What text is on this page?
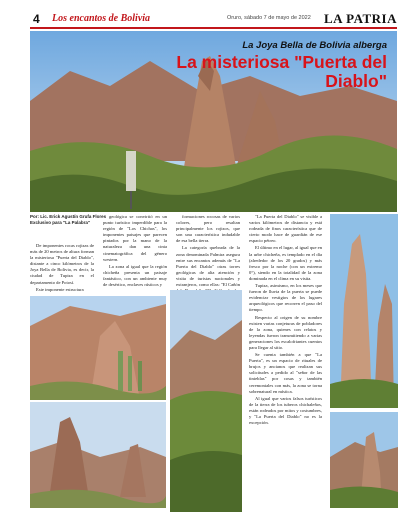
4 Los encantos de Bolivia	Oruro, sábado 7 de mayo de 2022 LA PATRIA
La Joya Bella de Bolivia alberga
La misteriosa "Puerta del Diablo"
Por: Lic. Erick Agustín Grufa Flores
Exclusivo para "La Palabra"

De imponentes rocas rojizas de más de 20 metros de altura forman la misteriosa "Puerta del Diablo", distante a cinco kilómetros de la Joya Bella de Bolivia, es decir, la ciudad de Tupiza en el departamento de Potosí.

Este imponente estructura

geológica se convirtió en un punto turístico imperdible para la región de "Los Chichas", los imponentes paisajes que parecen pintados por la mano de la naturaleza dan una cinta cinematográfica del género western.

La zona al igual que la región chicheña presenta un paisaje fantástico, con un ambiente muy de desértico, enclaves rústicos y

formaciones rocosas de varios colores, pero resaltan principalmente los rojizos, que son una característica indudable de esa bella tierra.

La categoría quebrada de la zona denominada Palmira asegura entre sus encantos además de "La Puerta del Diablo" otras torres geológicas de alta atención y visita de turistas nacionales y extranjeros, como ellas: "El Cañón

"La Puerta del Diablo" se visible a varios kilómetros de distancia y está rodeada de finos característica que de cierto modo hace de guardián de ese espacio pétreo.

El último en el lugar, al igual que en la urbe chicheña, es templado en el día (alrededor de los 20 grados) y más fresco por la noche (con un extremo 0°), siendo en la totalidad de la zona dominada en el clima en su visita.

Tupiza, asimismo, en los meses que fueron de lluvia de la puerta se puede evidenciar vestigios de los lugares arqueológicos que recorren el paso del tiempo.

Respecto al origen de su nombre existen varias conjeturas de pobladores de la zona, quienes con relatos y leyendas fueron transmitiendo a varias generaciones los escalofriantes cuentos para llegar al sitio.

Se cuenta también a que "La Puerta", es un espacio de rituales de brujos y ancianos que realizan sus solicitudes a pedido al "señor de las tinieblas" por cosas y también ceremoniales con más, la zona se torna sobrenatural en mística.

Al igual que varios falsos turísticos de la tierra de los tuberos chichaleños, están rodeados por mitos y costumbres, y "La Puerta del Diablo" no es la excepción.
